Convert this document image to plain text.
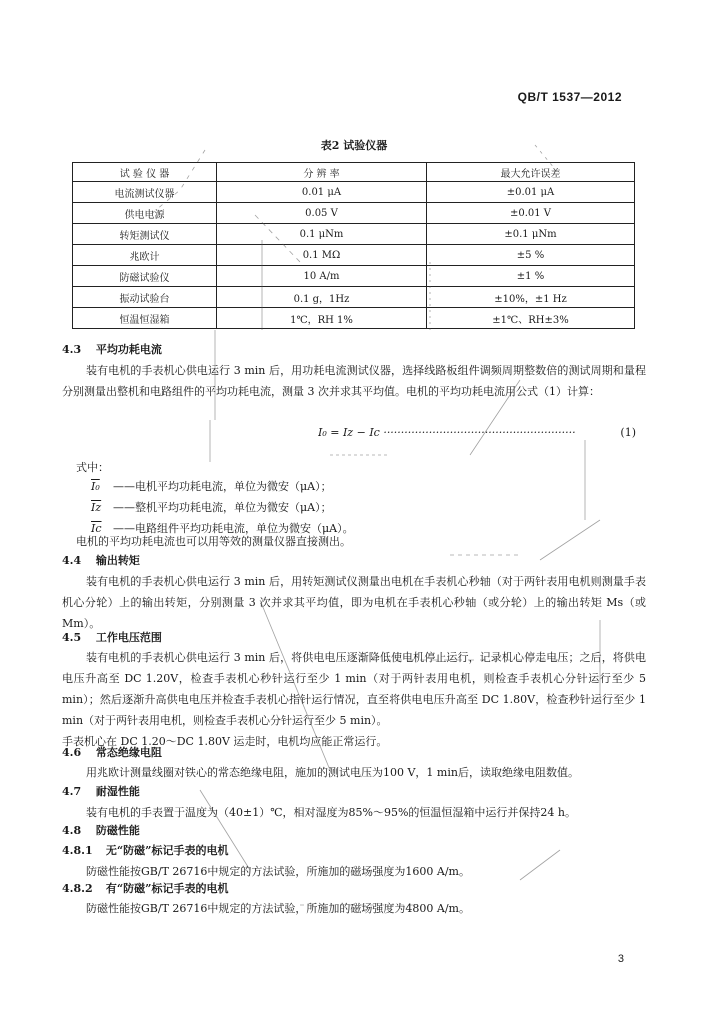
QB/T 1537—2012
表2 试验仪器
试 验 仪 器	分 辨 率	最大允许误差
电流测试仪器	0.01 μA	±0.01 μA
供电电源	0.05 V	±0.01 V
转矩测试仪	0.1 μNm	±0.1 μNm
兆欧计	0.1 MΩ	±5 %
防磁试验仪	10 A/m	±1 %
振动试验台	0.1 g，1Hz	±10%，±1 Hz
恒温恒湿箱	1℃，RH 1%	±1℃、RH±3%
4.3 平均功耗电流
装有电机的手表机心供电运行 3 min 后，用功耗电流测试仪器，选择线路板组件调频周期整数倍的测试周期和量程分别测量出整机和电路组件的平均功耗电流，测量 3 次并求其平均值。电机的平均功耗电流用公式（1）计算：
I₀ = Iz − Ic ·······················································	(1)
式中：
I₀ ——电机平均功耗电流，单位为微安（μA）；
$\overline{Iz}$ ——整机平均功耗电流，单位为微安（μA）；
$\overline{Ic}$ ——电路组件平均功耗电流，单位为微安（μA）。
电机的平均功耗电流也可以用等效的测量仪器直接测出。
4.4 输出转矩
装有电机的手表机心供电运行 3 min 后，用转矩测试仪测量出电机在手表机心秒轴（对于两针表用电机则测量手表机心分轮）上的输出转矩，分别测量 3 次并求其平均值，即为电机在手表机心秒轴（或分轮）上的输出转矩 Ms（或 Mm）。
4.5 工作电压范围
装有电机的手表机心供电运行 3 min 后，将供电电压逐渐降低使电机停止运行，记录机心停走电压；之后，将供电电压升高至 DC 1.20V，检查手表机心秒针运行至少 1 min（对于两针表用电机，则检查手表机心分针运行至少 5 min）；然后逐渐升高供电电压并检查手表机心指针运行情况，直至将供电电压升高至 DC 1.80V，检查秒针运行至少 1 min（对于两针表用电机，则检查手表机心分针运行至少 5 min）。
手表机心在 DC 1.20～DC 1.80V 运走时，电机均应能正常运行。
4.6 常态绝缘电阻
用兆欧计测量线圈对铁心的常态绝缘电阻，施加的测试电压为100 V，1 min后，读取绝缘电阻数值。
4.7 耐湿性能
装有电机的手表置于温度为（40±1）℃，相对湿度为85%～95%的恒温恒湿箱中运行并保持24 h。
4.8 防磁性能
4.8.1 无“防磁”标记手表的电机
防磁性能按GB/T 26716中规定的方法试验，所施加的磁场强度为1600 A/m。
4.8.2 有“防磁”标记手表的电机
防磁性能按GB/T 26716中规定的方法试验，所施加的磁场强度为4800 A/m。
3
